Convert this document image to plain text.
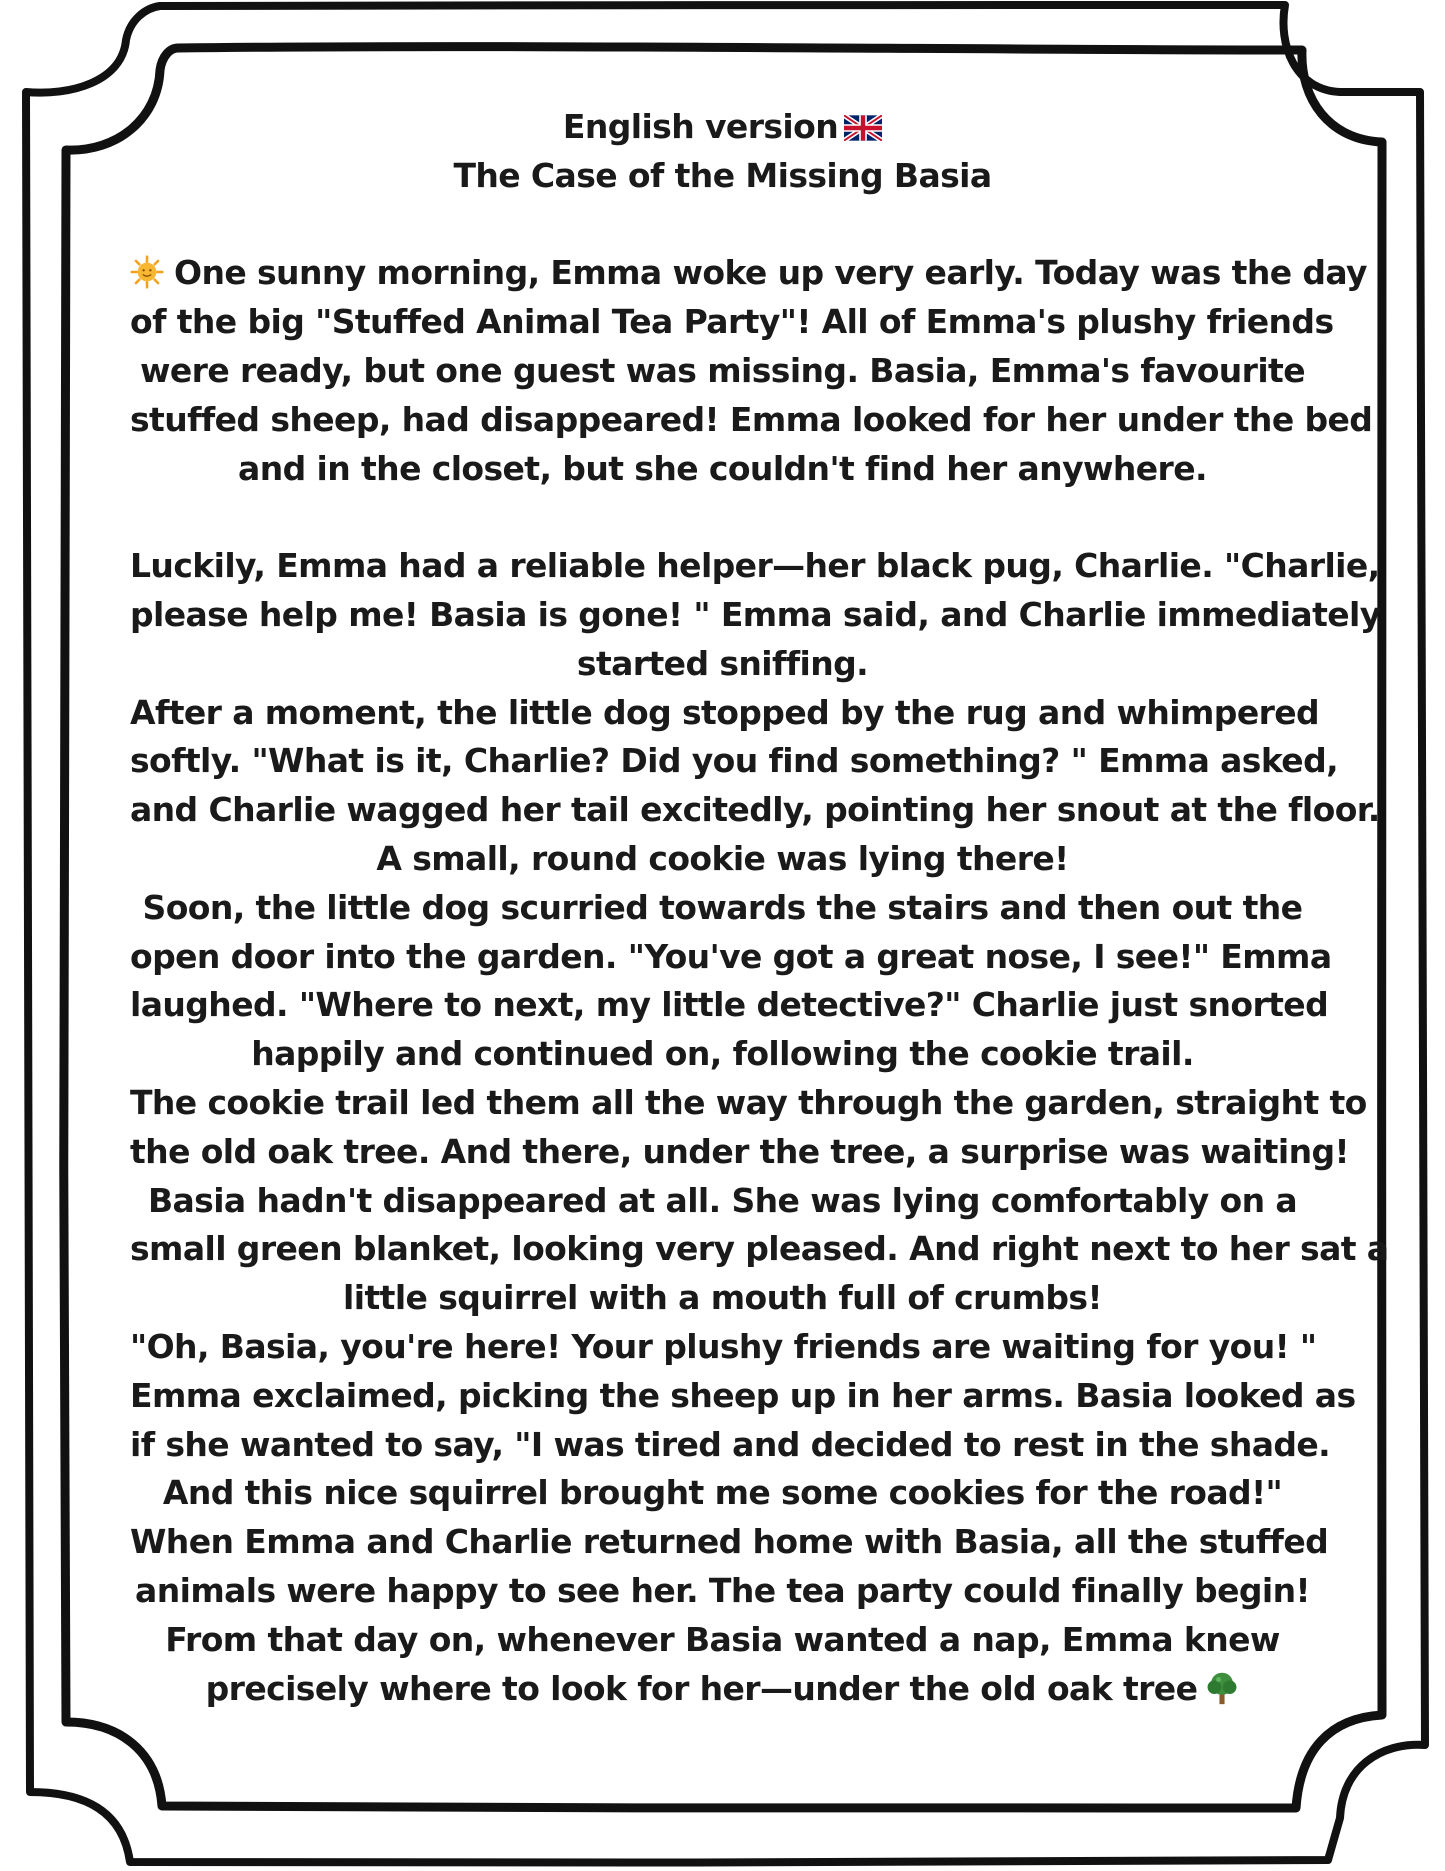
English version
The Case of the Missing Basia
One sunny morning, Emma woke up very early. Today was the day
of the big "Stuffed Animal Tea Party"! All of Emma's plushy friends
were ready, but one guest was missing. Basia, Emma's favourite
stuffed sheep, had disappeared! Emma looked for her under the bed
and in the closet, but she couldn't find her anywhere.
Luckily, Emma had a reliable helper—her black pug, Charlie. "Charlie,
please help me! Basia is gone! " Emma said, and Charlie immediately
started sniffing.
After a moment, the little dog stopped by the rug and whimpered
softly. "What is it, Charlie? Did you find something? " Emma asked,
and Charlie wagged her tail excitedly, pointing her snout at the floor.
A small, round cookie was lying there!
Soon, the little dog scurried towards the stairs and then out the
open door into the garden. "You've got a great nose, I see!" Emma
laughed. "Where to next, my little detective?" Charlie just snorted
happily and continued on, following the cookie trail.
The cookie trail led them all the way through the garden, straight to
the old oak tree. And there, under the tree, a surprise was waiting!
Basia hadn't disappeared at all. She was lying comfortably on a
small green blanket, looking very pleased. And right next to her sat a
little squirrel with a mouth full of crumbs!
"Oh, Basia, you're here! Your plushy friends are waiting for you! "
Emma exclaimed, picking the sheep up in her arms. Basia looked as
if she wanted to say, "I was tired and decided to rest in the shade.
And this nice squirrel brought me some cookies for the road!"
When Emma and Charlie returned home with Basia, all the stuffed
animals were happy to see her. The tea party could finally begin!
From that day on, whenever Basia wanted a nap, Emma knew
precisely where to look for her—under the old oak tree
